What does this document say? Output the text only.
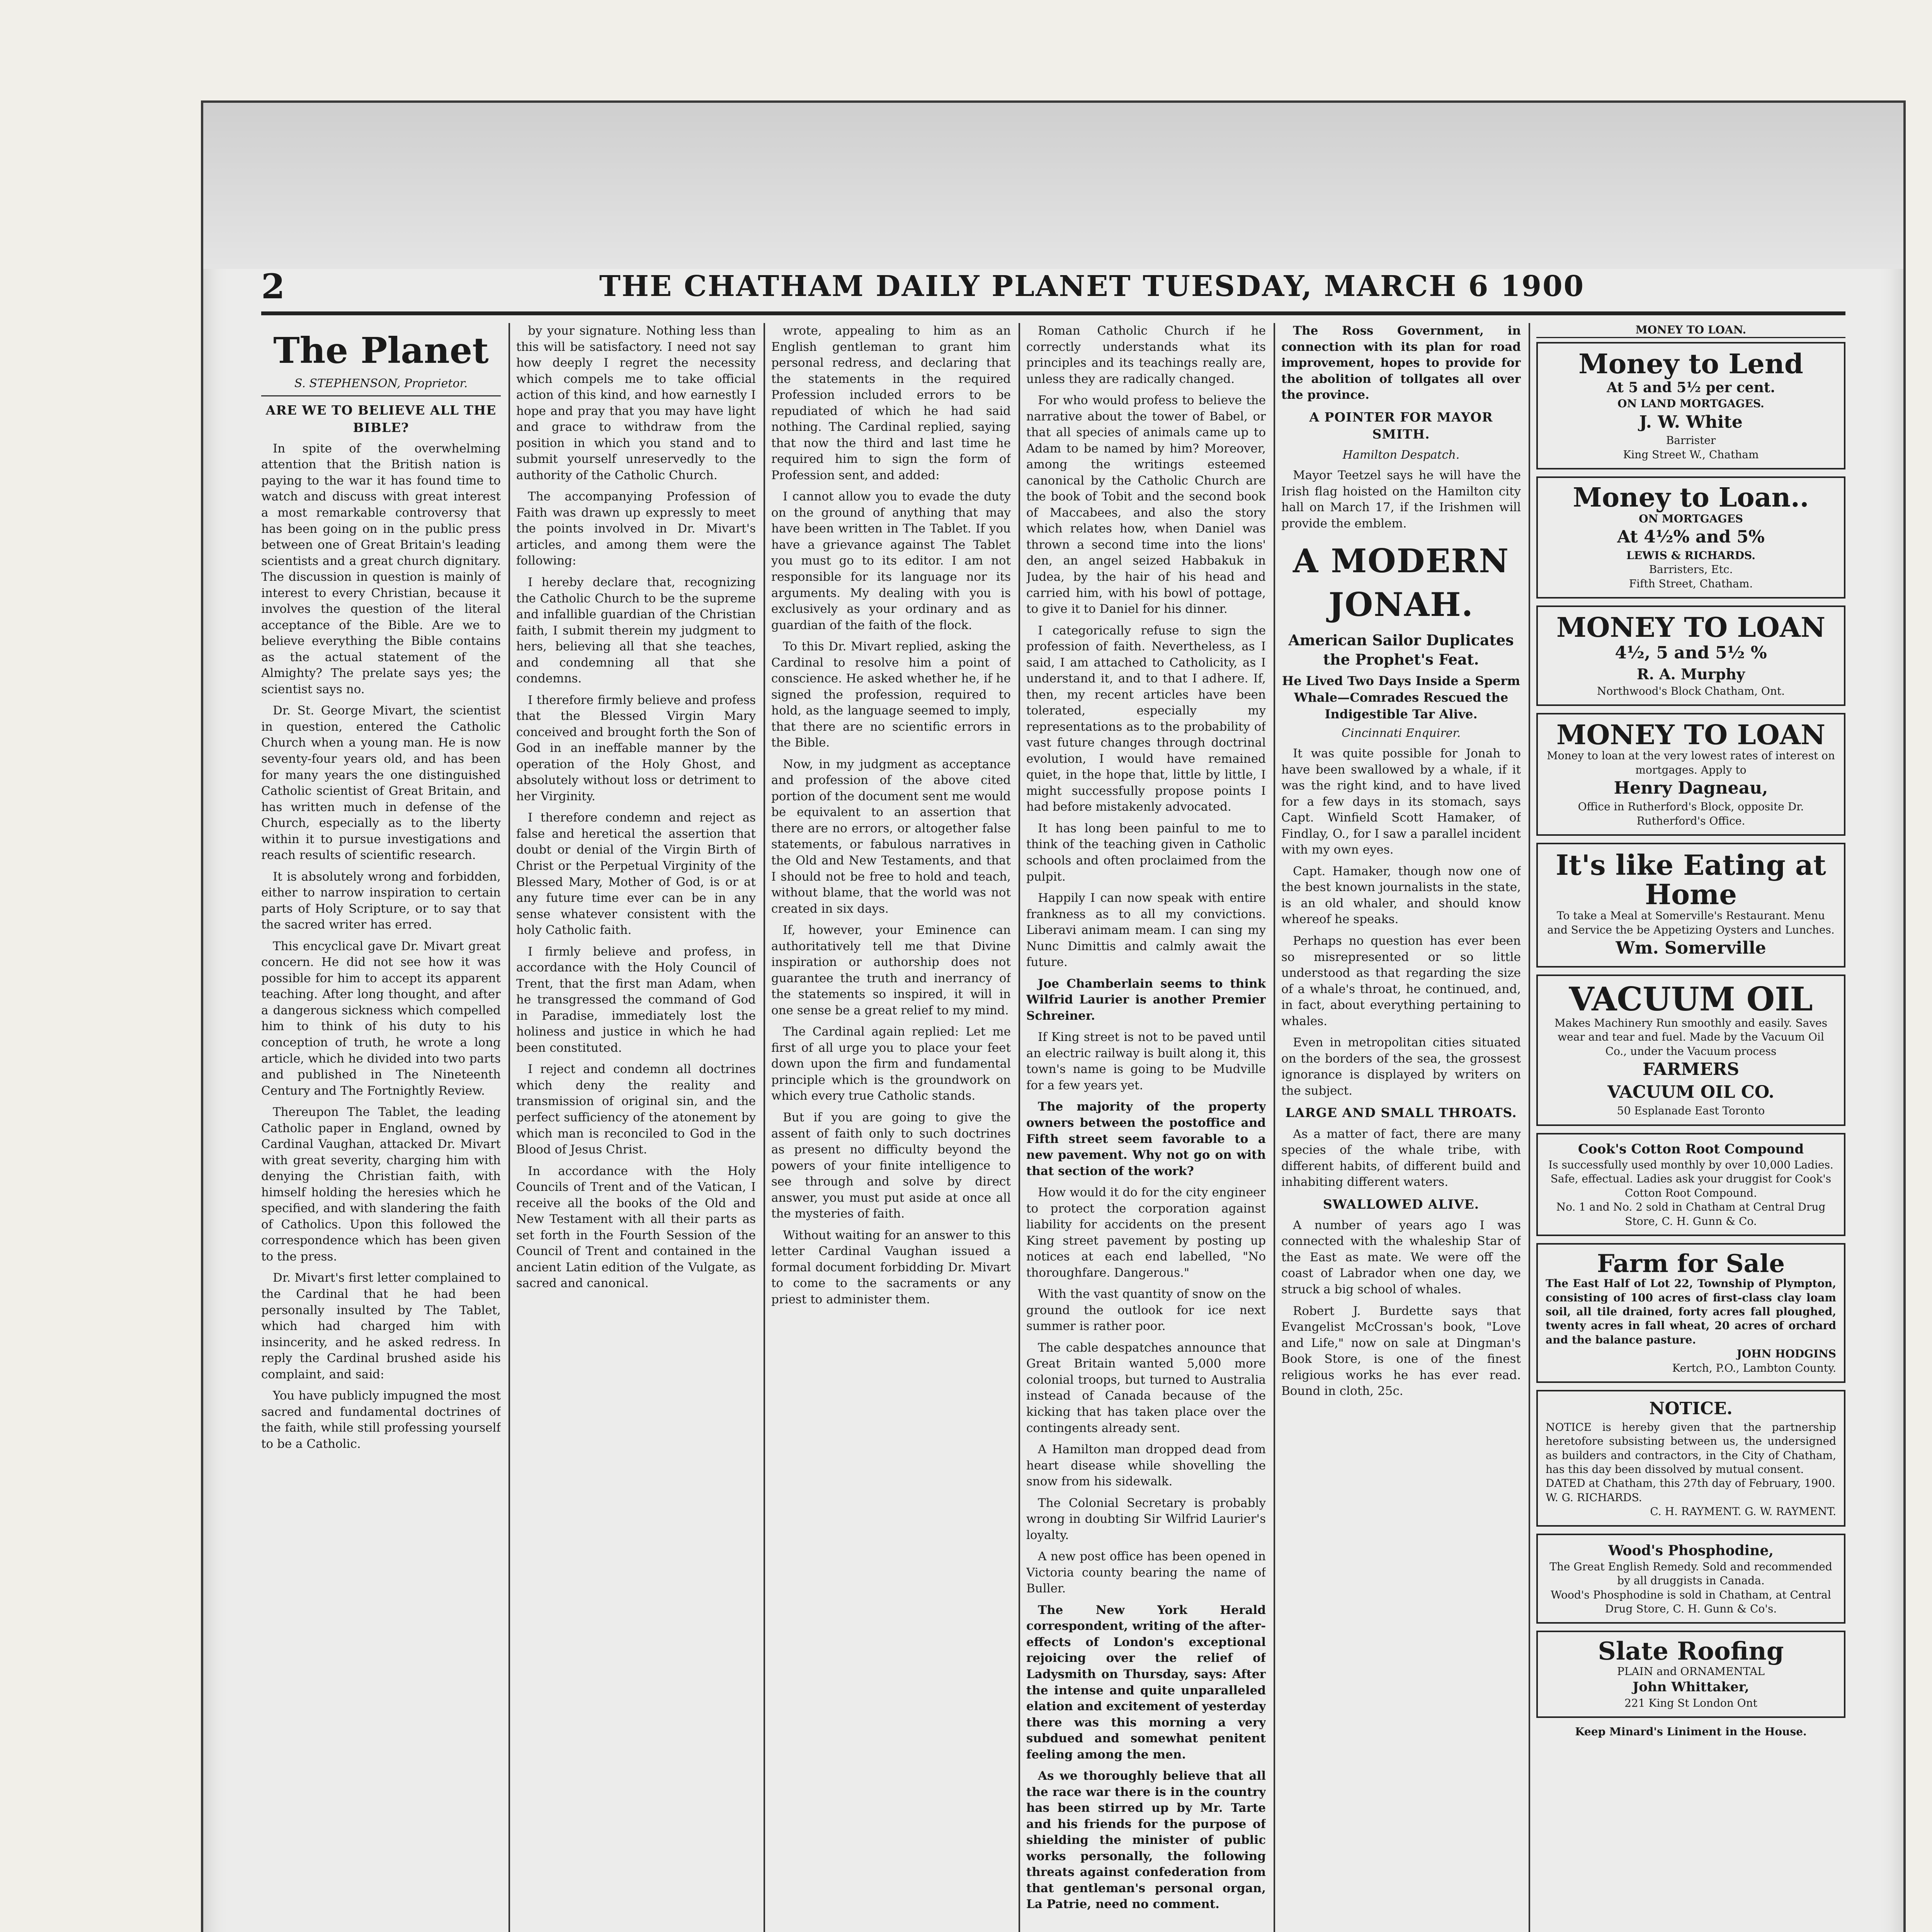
2	THE CHATHAM DAILY PLANET TUESDAY, MARCH 6 1900
The Planet
S. STEPHENSON, Proprietor.
ARE WE TO BELIEVE ALL THE BIBLE?

In spite of the overwhelming attention that the British nation is paying to the war it has found time to watch and discuss with great interest a most remarkable controversy that has been going on in the public press between one of Great Britain's leading scientists and a great church dignitary. The discussion in question is mainly of interest to every Christian, because it involves the question of the literal acceptance of the Bible. Are we to believe everything the Bible contains as the actual statement of the Almighty? The prelate says yes; the scientist says no.

Dr. St. George Mivart, the scientist in question, entered the Catholic Church when a young man. He is now seventy-four years old, and has been for many years the one distinguished Catholic scientist of Great Britain, and has written much in defense of the Church, especially as to the liberty within it to pursue investigations and reach results of scientific research.

It is absolutely wrong and forbidden, either to narrow inspiration to certain parts of Holy Scripture, or to say that the sacred writer has erred.

This encyclical gave Dr. Mivart great concern. He did not see how it was possible for him to accept its apparent teaching. After long thought, and after a dangerous sickness which compelled him to think of his duty to his conception of truth, he wrote a long article, which he divided into two parts and published in The Nineteenth Century and The Fortnightly Review.

Thereupon The Tablet, the leading Catholic paper in England, owned by Cardinal Vaughan, attacked Dr. Mivart with great severity, charging him with denying the Christian faith, with himself holding the heresies which he specified, and with slandering the faith of Catholics. Upon this followed the correspondence which has been given to the press.

Dr. Mivart's first letter complained to the Cardinal that he had been personally insulted by The Tablet, which had charged him with insincerity, and he asked redress. In reply the Cardinal brushed aside his complaint, and said:

You have publicly impugned the most sacred and fundamental doctrines of the faith, while still professing yourself to be a Catholic.

by your signature. Nothing less than this will be satisfactory. I need not say how deeply I regret the necessity which compels me to take official action of this kind, and how earnestly I hope and pray that you may have light and grace to withdraw from the position in which you stand and to submit yourself unreservedly to the authority of the Catholic Church.

The accompanying Profession of Faith was drawn up expressly to meet the points involved in Dr. Mivart's articles, and among them were the following:

I hereby declare that, recognizing the Catholic Church to be the supreme and infallible guardian of the Christian faith, I submit therein my judgment to hers, believing all that she teaches, and condemning all that she condemns.

I therefore firmly believe and profess that the Blessed Virgin Mary conceived and brought forth the Son of God in an ineffable manner by the operation of the Holy Ghost, and absolutely without loss or detriment to her Virginity.

I therefore condemn and reject as false and heretical the assertion that doubt or denial of the Virgin Birth of Christ or the Perpetual Virginity of the Blessed Mary, Mother of God, is or at any future time ever can be in any sense whatever consistent with the holy Catholic faith.

I firmly believe and profess, in accordance with the Holy Council of Trent, that the first man Adam, when he transgressed the command of God in Paradise, immediately lost the holiness and justice in which he had been constituted.

I reject and condemn all doctrines which deny the reality and transmission of original sin, and the perfect sufficiency of the atonement by which man is reconciled to God in the Blood of Jesus Christ.

In accordance with the Holy Councils of Trent and of the Vatican, I receive all the books of the Old and New Testament with all their parts as set forth in the Fourth Session of the Council of Trent and contained in the ancient Latin edition of the Vulgate, as sacred and canonical.

wrote, appealing to him as an English gentleman to grant him personal redress, and declaring that the statements in the required Profession included errors to be repudiated of which he had said nothing. The Cardinal replied, saying that now the third and last time he required him to sign the form of Profession sent, and added:

I cannot allow you to evade the duty on the ground of anything that may have been written in The Tablet. If you have a grievance against The Tablet you must go to its editor. I am not responsible for its language nor its arguments. My dealing with you is exclusively as your ordinary and as guardian of the faith of the flock.

To this Dr. Mivart replied, asking the Cardinal to resolve him a point of conscience. He asked whether he, if he signed the profession, required to hold, as the language seemed to imply, that there are no scientific errors in the Bible.

Now, in my judgment as acceptance and profession of the above cited portion of the document sent me would be equivalent to an assertion that there are no errors, or altogether false statements, or fabulous narratives in the Old and New Testaments, and that I should not be free to hold and teach, without blame, that the world was not created in six days.

If, however, your Eminence can authoritatively tell me that Divine inspiration or authorship does not guarantee the truth and inerrancy of the statements so inspired, it will in one sense be a great relief to my mind.

The Cardinal again replied: Let me first of all urge you to place your feet down upon the firm and fundamental principle which is the groundwork on which every true Catholic stands.

But if you are going to give the assent of faith only to such doctrines as present no difficulty beyond the powers of your finite intelligence to see through and solve by direct answer, you must put aside at once all the mysteries of faith.

Without waiting for an answer to this letter Cardinal Vaughan issued a formal document forbidding Dr. Mivart to come to the sacraments or any priest to administer them.

Roman Catholic Church if he correctly understands what its principles and its teachings really are, unless they are radically changed.

For who would profess to believe the narrative about the tower of Babel, or that all species of animals came up to Adam to be named by him? Moreover, among the writings esteemed canonical by the Catholic Church are the book of Tobit and the second book of Maccabees, and also the story which relates how, when Daniel was thrown a second time into the lions' den, an angel seized Habbakuk in Judea, by the hair of his head and carried him, with his bowl of pottage, to give it to Daniel for his dinner.

I categorically refuse to sign the profession of faith. Nevertheless, as I said, I am attached to Catholicity, as I understand it, and to that I adhere. If, then, my recent articles have been tolerated, especially my representations as to the probability of vast future changes through doctrinal evolution, I would have remained quiet, in the hope that, little by little, I might successfully propose points I had before mistakenly advocated.

It has long been painful to me to think of the teaching given in Catholic schools and often proclaimed from the pulpit.

Happily I can now speak with entire frankness as to all my convictions. Liberavi animam meam. I can sing my Nunc Dimittis and calmly await the future.

Joe Chamberlain seems to think Wilfrid Laurier is another Premier Schreiner.

If King street is not to be paved until an electric railway is built along it, this town's name is going to be Mudville for a few years yet.

The majority of the property owners between the postoffice and Fifth street seem favorable to a new pavement. Why not go on with that section of the work?

How would it do for the city engineer to protect the corporation against liability for accidents on the present King street pavement by posting up notices at each end labelled, "No thoroughfare. Dangerous."

With the vast quantity of snow on the ground the outlook for ice next summer is rather poor.

The cable despatches announce that Great Britain wanted 5,000 more colonial troops, but turned to Australia instead of Canada because of the kicking that has taken place over the contingents already sent.

A Hamilton man dropped dead from heart disease while shovelling the snow from his sidewalk.

The Colonial Secretary is probably wrong in doubting Sir Wilfrid Laurier's loyalty.

A new post office has been opened in Victoria county bearing the name of Buller.

The New York Herald correspondent, writing of the after-effects of London's exceptional rejoicing over the relief of Ladysmith on Thursday, says: After the intense and quite unparalleled elation and excitement of yesterday there was this morning a very subdued and somewhat penitent feeling among the men.

As we thoroughly believe that all the race war there is in the country has been stirred up by Mr. Tarte and his friends for the purpose of shielding the minister of public works personally, the following threats against confederation from that gentleman's personal organ, La Patrie, need no comment.

The Ross Government, in connection with its plan for road improvement, hopes to provide for the abolition of tollgates all over the province.

A POINTER FOR MAYOR SMITH.
Hamilton Despatch.

Mayor Teetzel says he will have the Irish flag hoisted on the Hamilton city hall on March 17, if the Irishmen will provide the emblem.

A MODERN JONAH.
American Sailor Duplicates the Prophet's Feat.
He Lived Two Days Inside a Sperm Whale—Comrades Rescued the Indigestible Tar Alive.
Cincinnati Enquirer.

It was quite possible for Jonah to have been swallowed by a whale, if it was the right kind, and to have lived for a few days in its stomach, says Capt. Winfield Scott Hamaker, of Findlay, O., for I saw a parallel incident with my own eyes.

Capt. Hamaker, though now one of the best known journalists in the state, is an old whaler, and should know whereof he speaks.

Perhaps no question has ever been so misrepresented or so little understood as that regarding the size of a whale's throat, he continued, and, in fact, about everything pertaining to whales.

Even in metropolitan cities situated on the borders of the sea, the grossest ignorance is displayed by writers on the subject.

LARGE AND SMALL THROATS.

As a matter of fact, there are many species of the whale tribe, with different habits, of different build and inhabiting different waters.

SWALLOWED ALIVE.

A number of years ago I was connected with the whaleship Star of the East as mate. We were off the coast of Labrador when one day, we struck a big school of whales.

Robert J. Burdette says that Evangelist McCrossan's book, "Love and Life," now on sale at Dingman's Book Store, is one of the finest religious works he has ever read. Bound in cloth, 25c.

MONEY TO LOAN.
Money to Lend
At 5 and 5½ per cent.
ON LAND MORTGAGES.
J. W. White
Barrister
King Street W., Chatham
Money to Loan..
ON MORTGAGES
At 4½% and 5%
LEWIS & RICHARDS.
Barristers, Etc.
Fifth Street, Chatham.
MONEY TO LOAN
4½, 5 and 5½ %
R. A. Murphy
Northwood's Block Chatham, Ont.
MONEY TO LOAN
Money to loan at the very lowest rates of interest on mortgages. Apply to
Henry Dagneau,
Office in Rutherford's Block, opposite Dr. Rutherford's Office.
It's like Eating at Home
To take a Meal at Somerville's Restaurant. Menu and Service the be Appetizing Oysters and Lunches.
Wm. Somerville
VACUUM OIL
Makes Machinery Run smoothly and easily. Saves wear and tear and fuel. Made by the Vacuum Oil Co., under the Vacuum process
FARMERS
VACUUM OIL CO.
50 Esplanade East Toronto
Cook's Cotton Root Compound
Is successfully used monthly by over 10,000 Ladies. Safe, effectual. Ladies ask your druggist for Cook's Cotton Root Compound.
No. 1 and No. 2 sold in Chatham at Central Drug Store, C. H. Gunn & Co.
Farm for Sale
The East Half of Lot 22, Township of Plympton, consisting of 100 acres of first-class clay loam soil, all tile drained, forty acres fall ploughed, twenty acres in fall wheat, 20 acres of orchard and the balance pasture.
JOHN HODGINS
Kertch, P.O., Lambton County.
NOTICE.
NOTICE is hereby given that the partnership heretofore subsisting between us, the undersigned as builders and contractors, in the City of Chatham, has this day been dissolved by mutual consent.
DATED at Chatham, this 27th day of February, 1900.
W. G. RICHARDS.
C. H. RAYMENT. G. W. RAYMENT.
Wood's Phosphodine,
The Great English Remedy. Sold and recommended by all druggists in Canada.
Wood's Phosphodine is sold in Chatham, at Central Drug Store, C. H. Gunn & Co's.
Slate Roofing
PLAIN and ORNAMENTAL
John Whittaker,
221 King St London Ont
Keep Minard's Liniment in the House.
